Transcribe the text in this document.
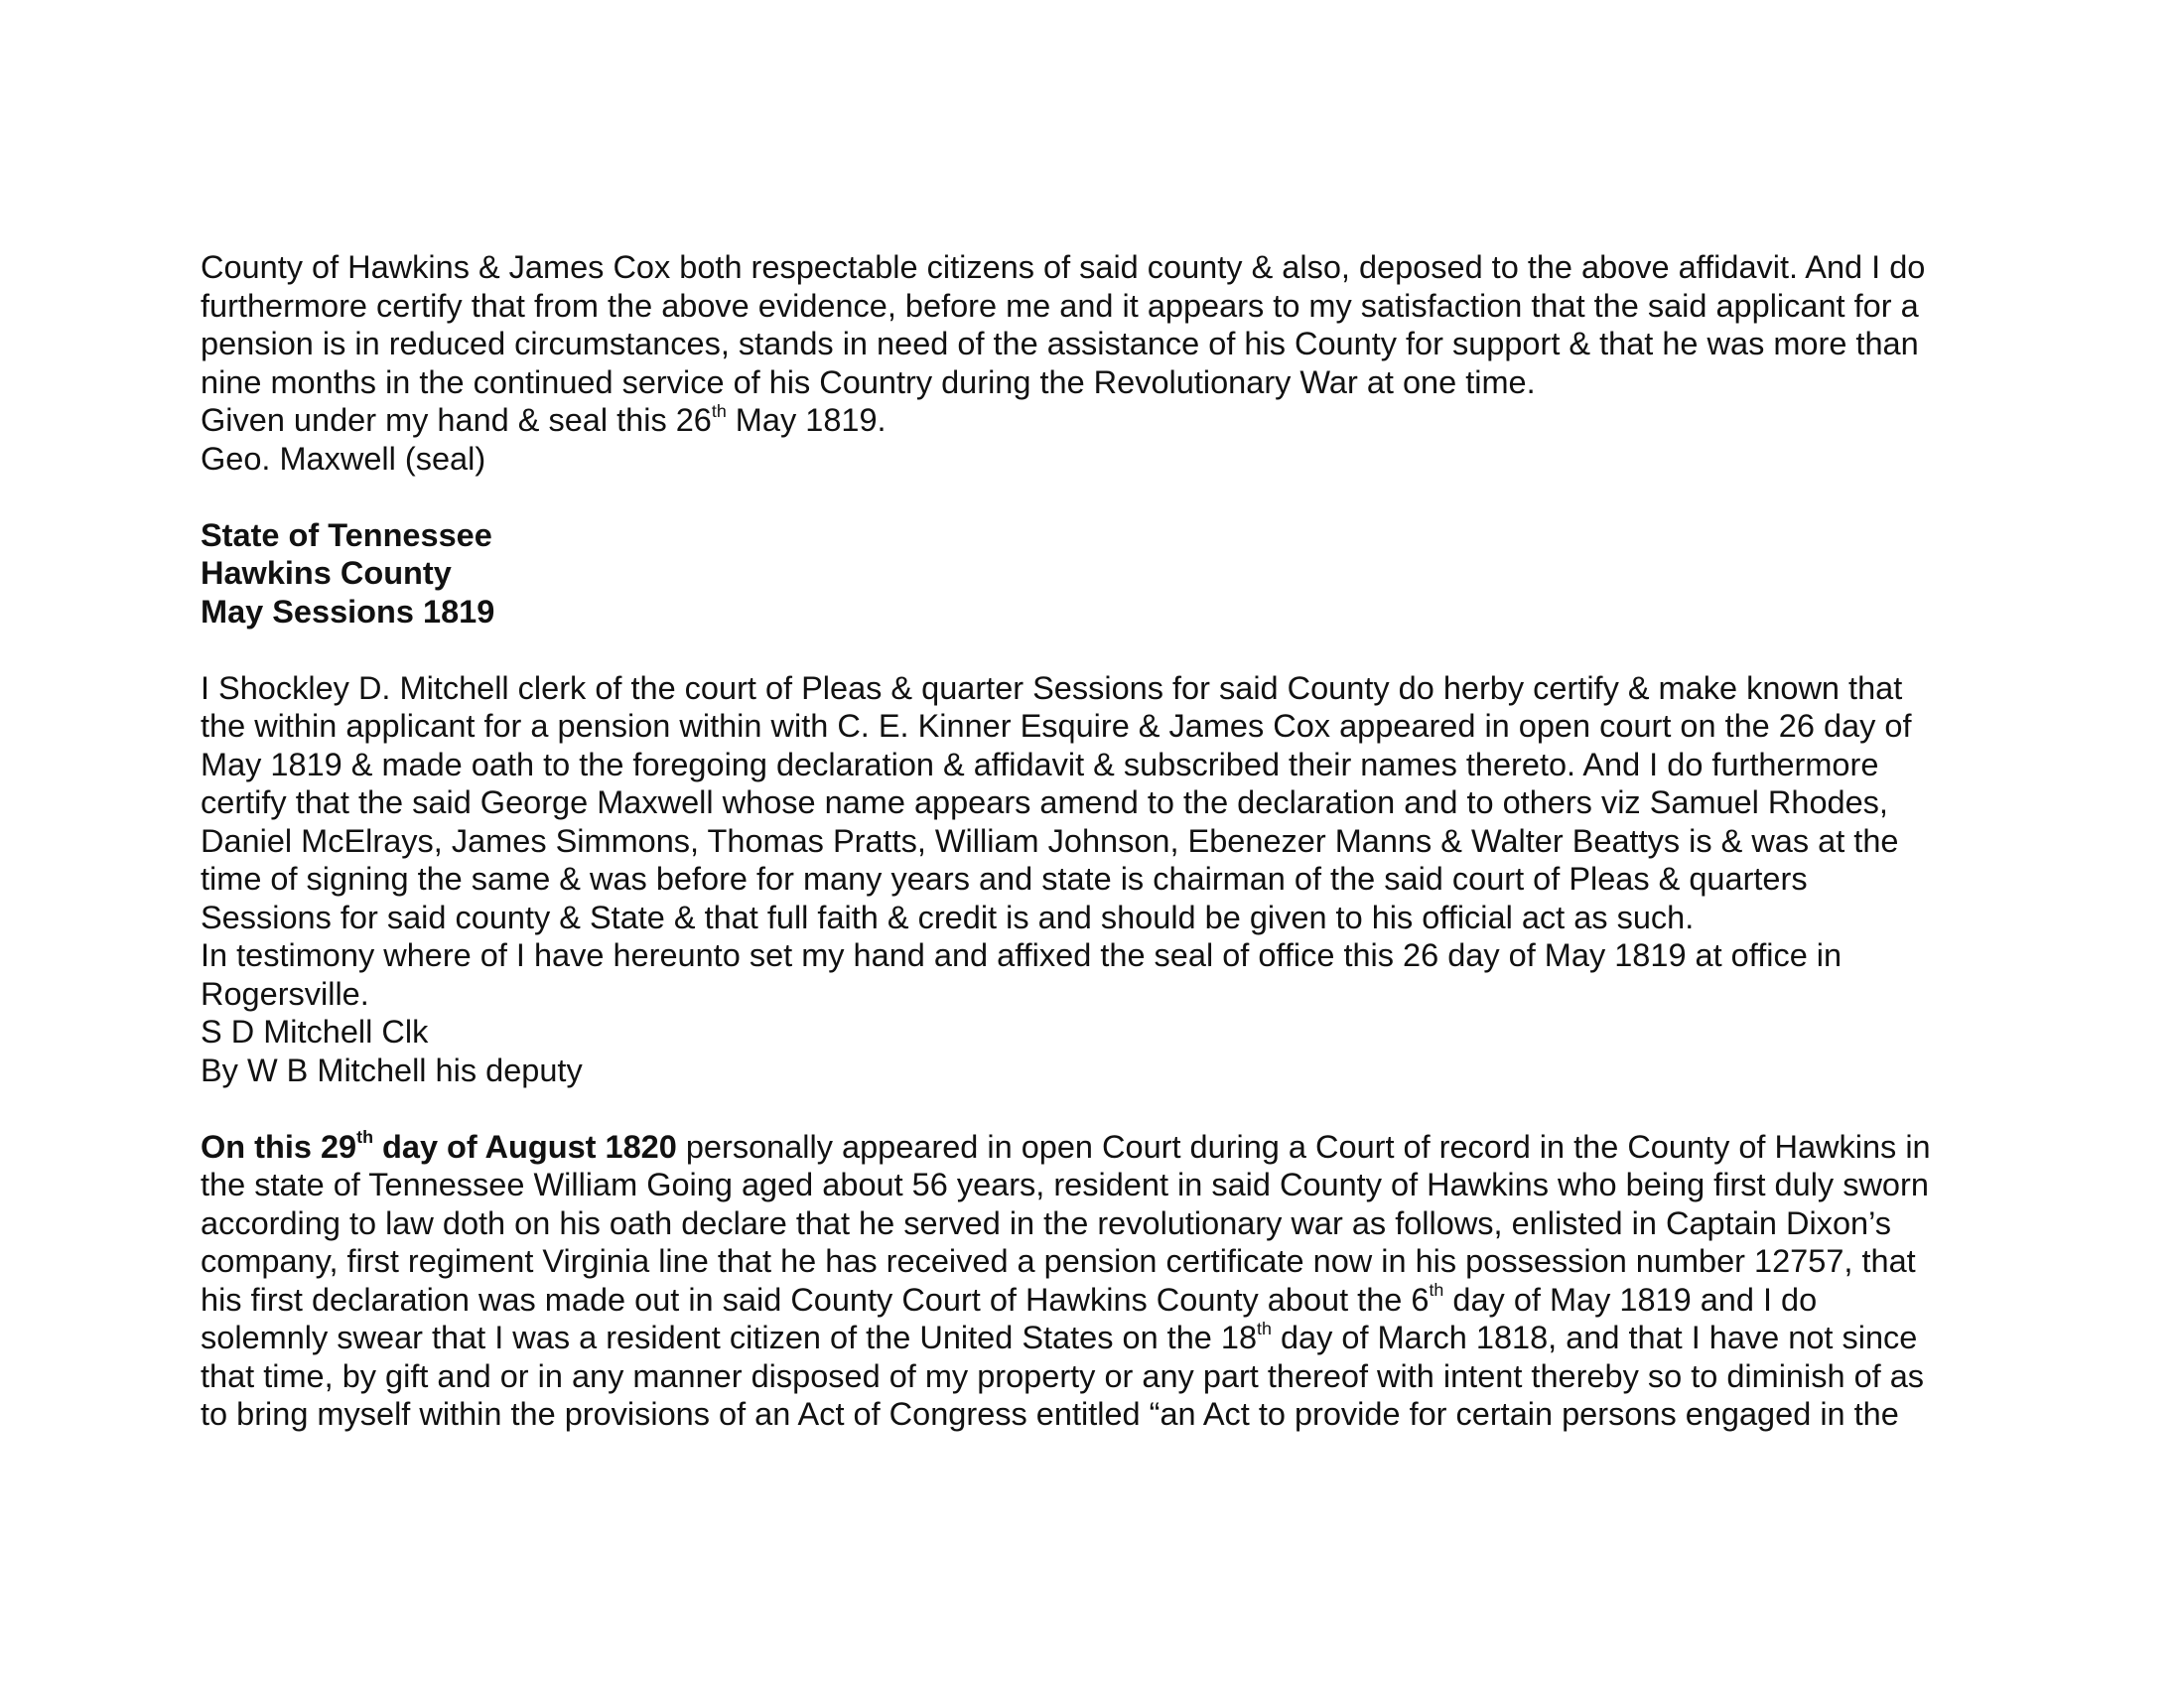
County of Hawkins & James Cox both respectable citizens of said county & also, deposed to the above affidavit. And I do
furthermore certify that from the above evidence, before me and it appears to my satisfaction that the said applicant for a
pension is in reduced circumstances, stands in need of the assistance of his County for support & that he was more than
nine months in the continued service of his Country during the Revolutionary War at one time.
Given under my hand & seal this 26th May 1819.
Geo. Maxwell (seal)
State of Tennessee
Hawkins County
May Sessions 1819
I Shockley D. Mitchell clerk of the court of Pleas & quarter Sessions for said County do herby certify & make known that
the within applicant for a pension within with C. E. Kinner Esquire & James Cox appeared in open court on the 26 day of
May 1819 & made oath to the foregoing declaration & affidavit & subscribed their names thereto. And I do furthermore
certify that the said George Maxwell whose name appears amend to the declaration and to others viz Samuel Rhodes,
Daniel McElrays, James Simmons, Thomas Pratts, William Johnson, Ebenezer Manns & Walter Beattys is & was at the
time of signing the same & was before for many years and state is chairman of the said court of Pleas & quarters
Sessions for said county & State & that full faith & credit is and should be given to his official act as such.
In testimony where of I have hereunto set my hand and affixed the seal of office this 26 day of May 1819 at office in
Rogersville.
S D Mitchell Clk
By W B Mitchell his deputy
On this 29th day of August 1820 personally appeared in open Court during a Court of record in the County of Hawkins in
the state of Tennessee William Going aged about 56 years, resident in said County of Hawkins who being first duly sworn
according to law doth on his oath declare that he served in the revolutionary war as follows, enlisted in Captain Dixon’s
company, first regiment Virginia line that he has received a pension certificate now in his possession number 12757, that
his first declaration was made out in said County Court of Hawkins County about the 6th day of May 1819 and I do
solemnly swear that I was a resident citizen of the United States on the 18th day of March 1818, and that I have not since
that time, by gift and or in any manner disposed of my property or any part thereof with intent thereby so to diminish of as
to bring myself within the provisions of an Act of Congress entitled “an Act to provide for certain persons engaged in the
